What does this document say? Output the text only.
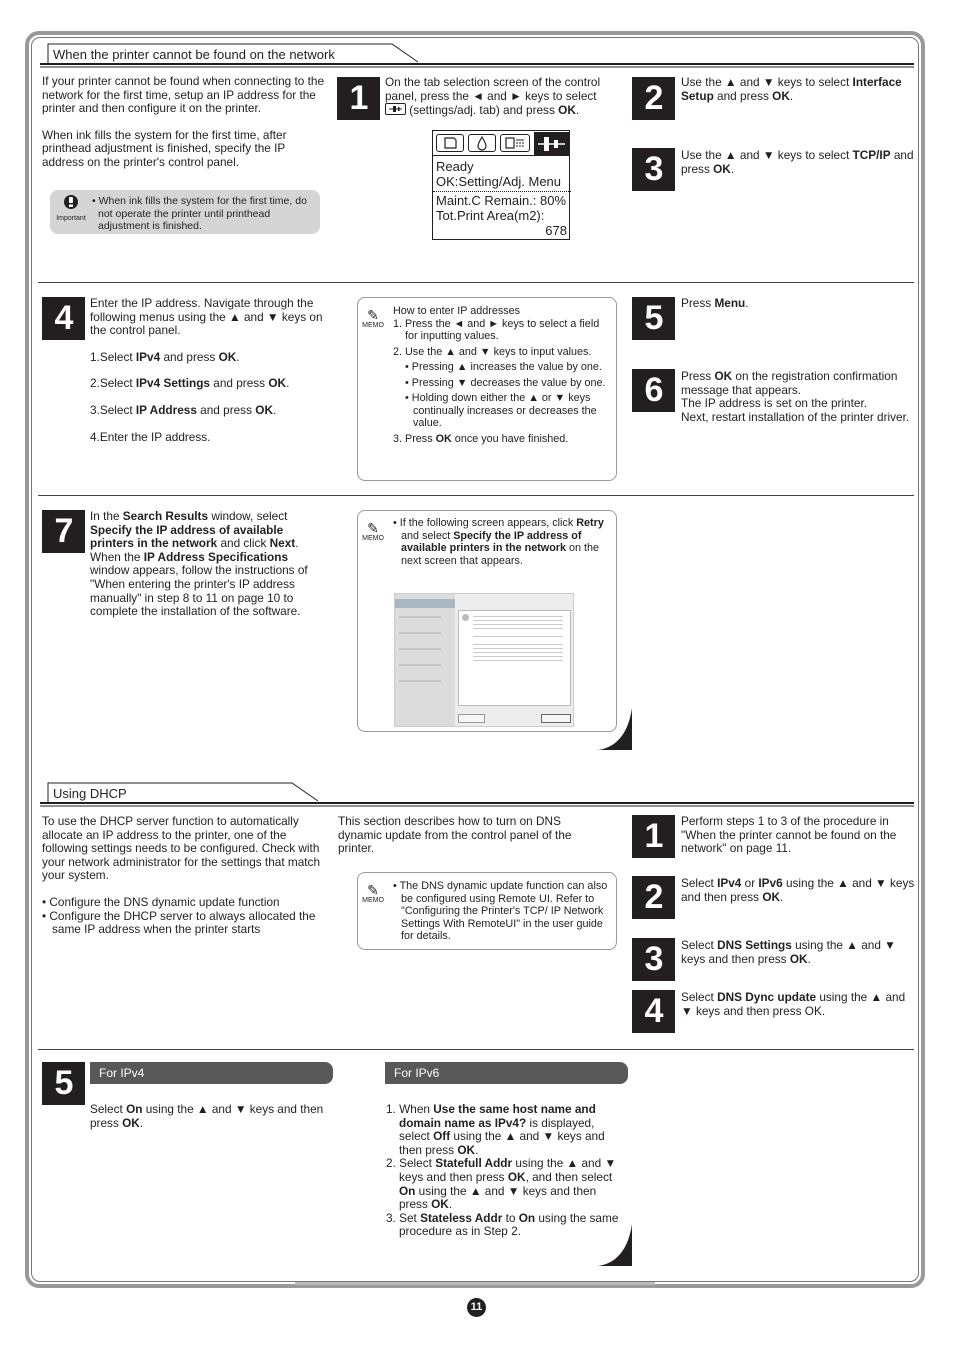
When the printer cannot be found on the network

If your printer cannot be found when connecting to the network for the first time, setup an IP address for the printer and then configure it on the printer.

When ink fills the system for the first time, after printhead adjustment is finished, specify the IP address on the printer's control panel.

Important
• When ink fills the system for the first time, do not operate the printer until printhead adjustment is finished.
1	On the tab selection screen of the control panel, press the ◄ and ► keys to select
(settings/adj. tab) and press OK.
Ready
OK:Setting/Adj. Menu
Maint.C Remain.: 80%
Tot.Print Area(m2):
678
2	Use the ▲ and ▼ keys to select Interface Setup and press OK.
3	Use the ▲ and ▼ keys to select TCP/IP and press OK.
4	Enter the IP address. Navigate through the following menus using the ▲ and ▼ keys on the control panel.

1.Select IPv4 and press OK.

2.Select IPv4 Settings and press OK.

3.Select IP Address and press OK.

4.Enter the IP address.

✎
MEMO
How to enter IP addresses
1. Press the ◄ and ► keys to select a field for inputting values.
2. Use the ▲ and ▼ keys to input values.
• Pressing ▲ increases the value by one.
• Pressing ▼ decreases the value by one.
• Holding down either the ▲ or ▼ keys continually increases or decreases the value.
3. Press OK once you have finished.
5	Press Menu.
6	Press OK on the registration confirmation message that appears.

The IP address is set on the printer.

Next, restart installation of the printer driver.

7	In the Search Results window, select Specify the IP address of available printers in the network and click Next.
When the IP Address Specifications window appears, follow the instructions of "When entering the printer's IP address manually" in step 8 to 11 on page 10 to complete the installation of the software.
✎
MEMO
• If the following screen appears, click Retry and select Specify the IP address of available printers in the network on the next screen that appears.
Using DHCP

To use the DHCP server function to automatically allocate an IP address to the printer, one of the following settings needs to be configured. Check with your network administrator for the settings that match your system.

• Configure the DNS dynamic update function

• Configure the DHCP server to always allocated the same IP address when the printer starts

This section describes how to turn on DNS dynamic update from the control panel of the printer.
✎
MEMO
• The DNS dynamic update function can also be configured using Remote UI. Refer to "Configuring the Printer's TCP/ IP Network Settings With RemoteUI" in the user guide for details.
1	Perform steps 1 to 3 of the procedure in "When the printer cannot be found on the network" on page 11.
2	Select IPv4 or IPv6 using the ▲ and ▼ keys and then press OK.
3	Select DNS Settings using the ▲ and ▼ keys and then press OK.
4	Select DNS Dync update using the ▲ and ▼ keys and then press OK.
5	For IPv4
Select On using the ▲ and ▼ keys and then press OK.
For IPv6
1. When Use the same host name and domain name as IPv4? is displayed, select Off using the ▲ and ▼ keys and then press OK.
2. Select Statefull Addr using the ▲ and ▼ keys and then press OK, and then select On using the ▲ and ▼ keys and then press OK.
3. Set Stateless Addr to On using the same procedure as in Step 2.
11
